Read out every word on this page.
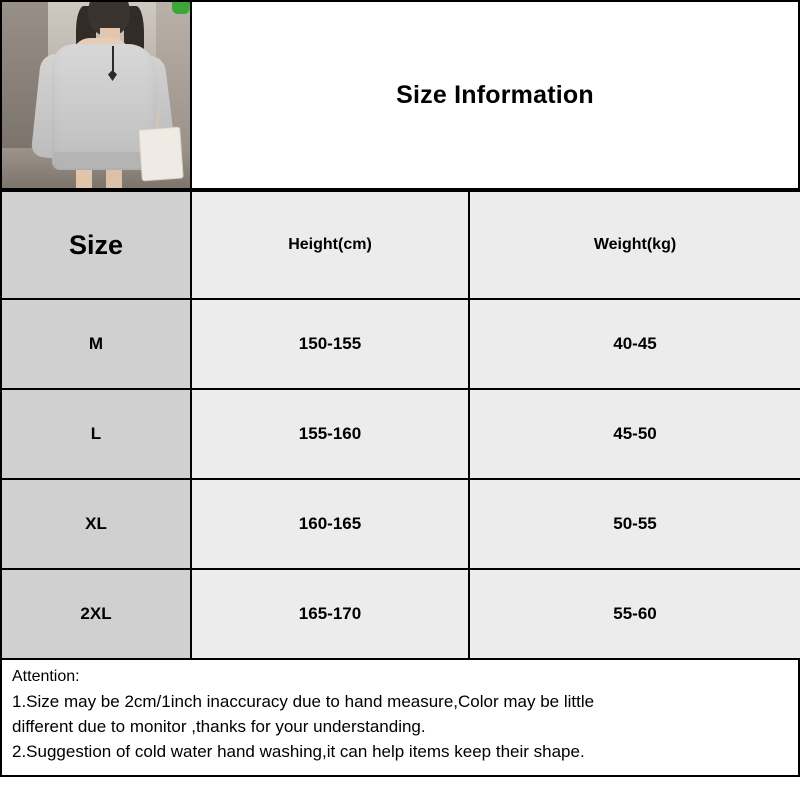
Size Information
Size	Height(cm)	Weight(kg)
M	150-155	40-45
L	155-160	45-50
XL	160-165	50-55
2XL	165-170	55-60

Attention:

1.Size may be 2cm/1inch inaccuracy due to hand measure,Color may be little

different due to monitor ,thanks for your understanding.

2.Suggestion of cold water hand washing,it can help items keep their shape.
